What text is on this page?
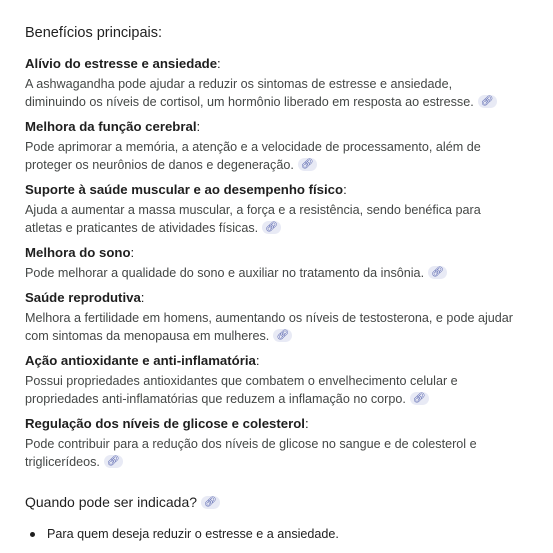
Benefícios principais:
Alívio do estresse e ansiedade:
A ashwagandha pode ajudar a reduzir os sintomas de estresse e ansiedade,
diminuindo os níveis de cortisol, um hormônio liberado em resposta ao estresse. 🔗︎
Melhora da função cerebral:
Pode aprimorar a memória, a atenção e a velocidade de processamento, além de
proteger os neurônios de danos e degeneração. 🔗︎
Suporte à saúde muscular e ao desempenho físico:
Ajuda a aumentar a massa muscular, a força e a resistência, sendo benéfica para
atletas e praticantes de atividades físicas. 🔗︎
Melhora do sono:
Pode melhorar a qualidade do sono e auxiliar no tratamento da insônia. 🔗︎
Saúde reprodutiva:
Melhora a fertilidade em homens, aumentando os níveis de testosterona, e pode ajudar
com sintomas da menopausa em mulheres. 🔗︎
Ação antioxidante e anti-inflamatória:
Possui propriedades antioxidantes que combatem o envelhecimento celular e
propriedades anti-inflamatórias que reduzem a inflamação no corpo. 🔗︎
Regulação dos níveis de glicose e colesterol:
Pode contribuir para a redução dos níveis de glicose no sangue e de colesterol e
triglicerídeos. 🔗︎
Quando pode ser indicada? 🔗︎
Para quem deseja reduzir o estresse e a ansiedade.
